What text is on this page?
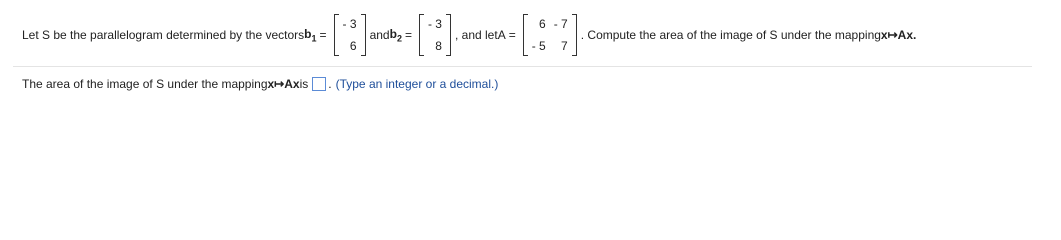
Let S be the parallelogram determined by the vectors $b_1$ =
- 3
6
and $b_2$ =
- 3
8
, and let A =
6 - 7
- 5	7
. Compute the area of the image of S under the mapping x↦Ax.
The area of the image of S under the mapping x↦Ax is . (Type an integer or a decimal.)
